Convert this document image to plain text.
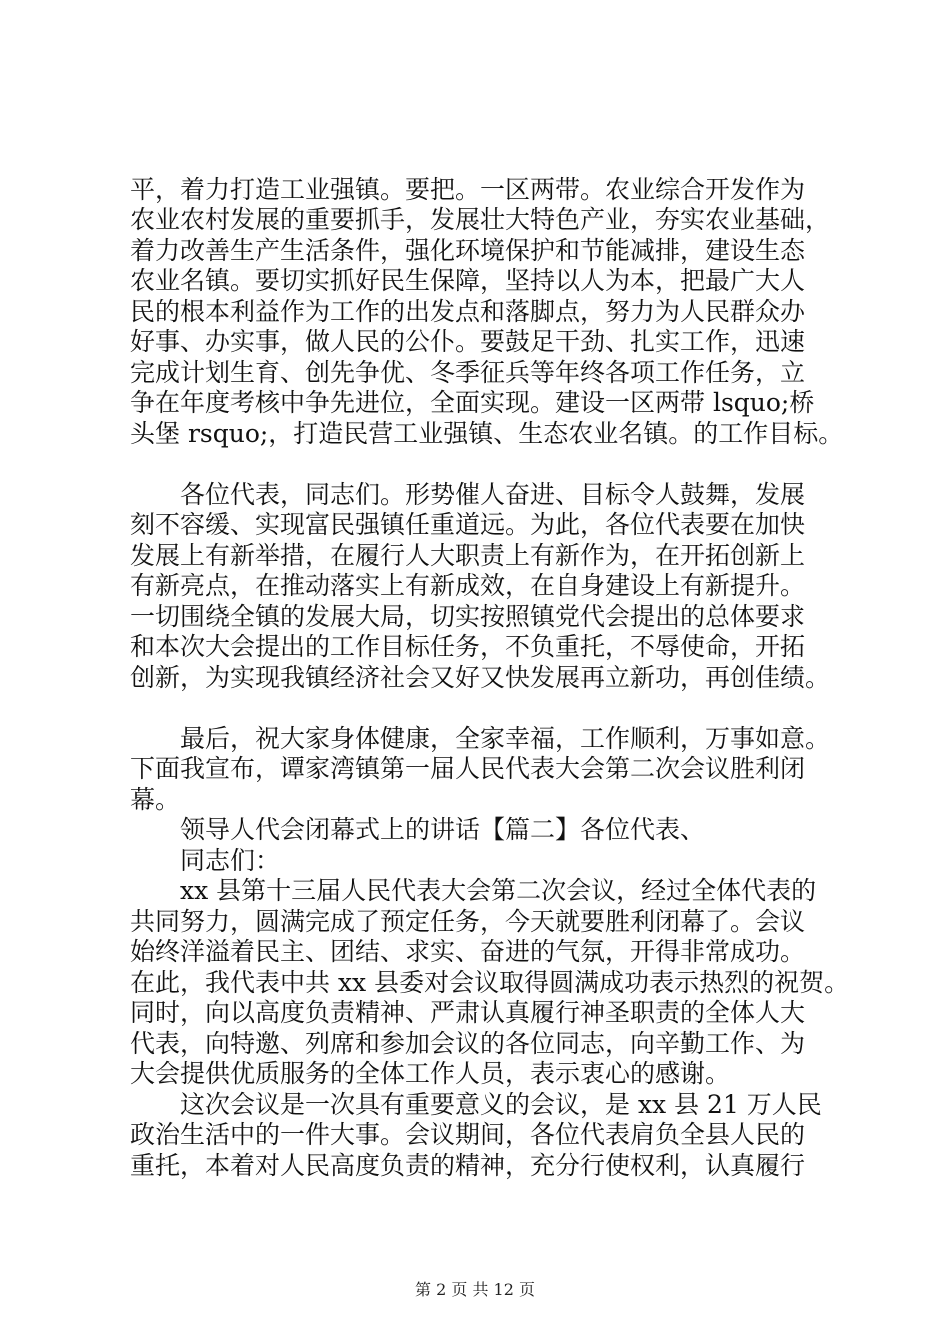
平，着力打造工业强镇。要把。一区两带。农业综合开发作为
农业农村发展的重要抓手，发展壮大特色产业，夯实农业基础，
着力改善生产生活条件，强化环境保护和节能减排，建设生态
农业名镇。要切实抓好民生保障，坚持以人为本，把最广大人
民的根本利益作为工作的出发点和落脚点，努力为人民群众办
好事、办实事，做人民的公仆。要鼓足干劲、扎实工作，迅速
完成计划生育、创先争优、冬季征兵等年终各项工作任务，立
争在年度考核中争先进位，全面实现。建设一区两带 lsquo;桥
头堡 rsquo;，打造民营工业强镇、生态农业名镇。的工作目标。
各位代表，同志们。形势催人奋进、目标令人鼓舞，发展
刻不容缓、实现富民强镇任重道远。为此，各位代表要在加快
发展上有新举措，在履行人大职责上有新作为，在开拓创新上
有新亮点，在推动落实上有新成效，在自身建设上有新提升。
一切围绕全镇的发展大局，切实按照镇党代会提出的总体要求
和本次大会提出的工作目标任务，不负重托，不辱使命，开拓
创新，为实现我镇经济社会又好又快发展再立新功，再创佳绩。
最后，祝大家身体健康，全家幸福，工作顺利，万事如意。
下面我宣布，谭家湾镇第一届人民代表大会第二次会议胜利闭
幕。
领导人代会闭幕式上的讲话【篇二】各位代表、
同志们：
xx 县第十三届人民代表大会第二次会议，经过全体代表的
共同努力，圆满完成了预定任务，今天就要胜利闭幕了。会议
始终洋溢着民主、团结、求实、奋进的气氛，开得非常成功。
在此，我代表中共 xx 县委对会议取得圆满成功表示热烈的祝贺。
同时，向以高度负责精神、严肃认真履行神圣职责的全体人大
代表，向特邀、列席和参加会议的各位同志，向辛勤工作、为
大会提供优质服务的全体工作人员，表示衷心的感谢。
这次会议是一次具有重要意义的会议，是 xx 县 21 万人民
政治生活中的一件大事。会议期间，各位代表肩负全县人民的
重托，本着对人民高度负责的精神，充分行使权利，认真履行
第 2 页 共 12 页
